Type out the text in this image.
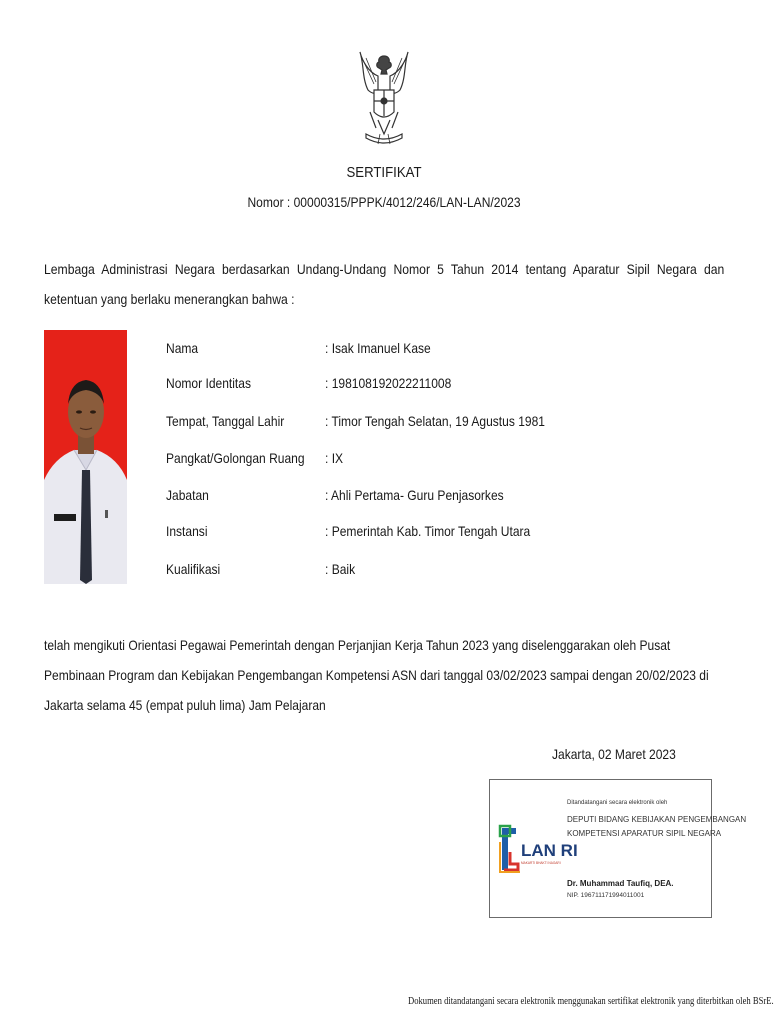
SERTIFIKAT
Nomor : 00000315/PPPK/4012/246/LAN-LAN/2023
Lembaga Administrasi Negara berdasarkan Undang-Undang Nomor 5 Tahun 2014 tentang Aparatur Sipil Negara dan ketentuan yang berlaku menerangkan bahwa :
Nama	: Isak Imanuel Kase
Nomor Identitas	: 198108192022211008
Tempat, Tanggal Lahir	: Timor Tengah Selatan, 19 Agustus 1981
Pangkat/Golongan Ruang : IX
Jabatan	: Ahli Pertama- Guru Penjasorkes
Instansi	: Pemerintah Kab. Timor Tengah Utara
Kualifikasi	: Baik
telah mengikuti Orientasi Pegawai Pemerintah dengan Perjanjian Kerja Tahun 2023 yang diselenggarakan oleh Pusat Pembinaan Program dan Kebijakan Pengembangan Kompetensi ASN dari tanggal 03/02/2023 sampai dengan 20/02/2023 di Jakarta selama 45 (empat puluh lima) Jam Pelajaran
Jakarta, 02 Maret 2023
LAN RI
MAKARTI BHAKTI NAGARI
Ditandatangani secara elektronik oleh
DEPUTI BIDANG KEBIJAKAN PENGEMBANGAN
KOMPETENSI APARATUR SIPIL NEGARA
Dr. Muhammad Taufiq, DEA.
NIP. 196711171994011001
Dokumen ditandatangani secara elektronik menggunakan sertifikat elektronik yang diterbitkan oleh BSrE.
